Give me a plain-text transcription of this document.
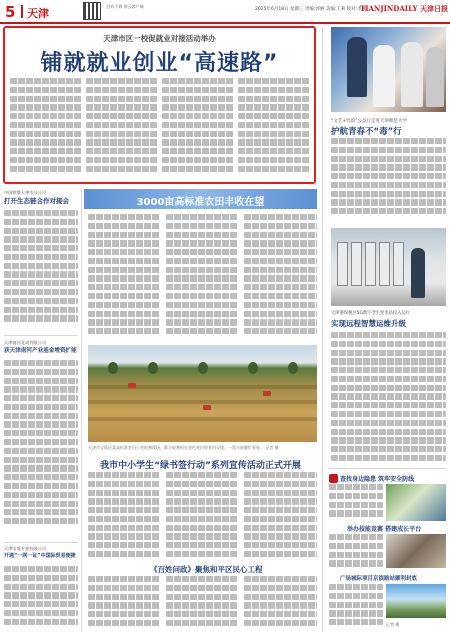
5 天津
扫码下载 津云客户端
2025年6月18日 星期三 责编:郭丽 美编:王莉 校对:李刚
TIANJINDAILY 天津日报
天津市区一校促就业对接活动举办
铺就就业创业“高速路”
“文艺+竹韵”公益行走进天津师范大学
护航青春不“毒”行
中国铁塔天津市分公司
打开生态链合作对接会
天津南河北成有限公司
获天津南河产业基金增资扩能
天津宝坻专安有限公司
开通“一网一证”中国际贸易便捷
3000亩高标准农田丰收在望
天津市宝坻区某高标准农田小麦收割现场，联合收割机在金色麦田里来回穿梭，一派丰收繁忙景象。 记者 摄
天津港保税区5G数字孪生变电站投入运行
实现远程智慧运维升级
我市中小学生“绿书签行动”系列宣传活动正式开展
《百姓问政》聚焦和平区民心工程
查找身边隐患 筑牢安全防线
举办技能竞赛 搭建成长平台
广场城际项目京滨路站顺利封底
记者 摄
